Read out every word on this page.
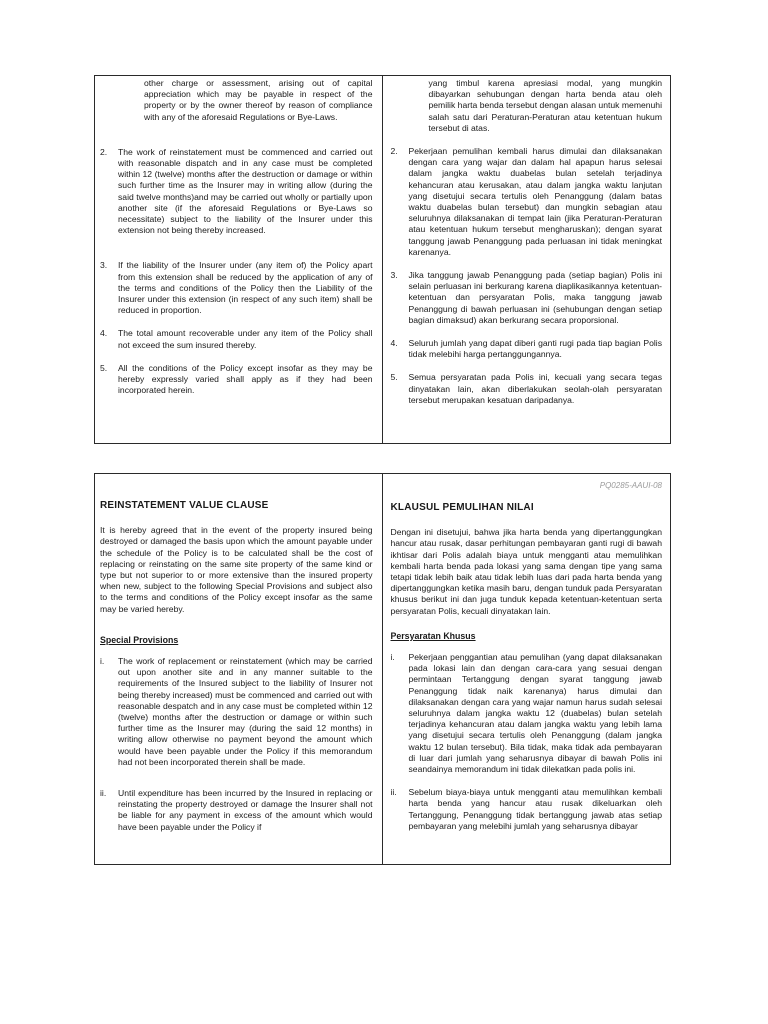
other charge or assessment, arising out of capital appreciation which may be payable in respect of the property or by the owner thereof by reason of compliance with any of the aforesaid Regulations or Bye-Laws.
2.	The work of reinstatement must be commenced and carried out with reasonable dispatch and in any case must be completed within 12 (twelve) months after the destruction or damage or within such further time as the Insurer may in writing allow (during the said twelve months)and may be carried out wholly or partially upon another site (if the aforesaid Regulations or Bye-Laws so necessitate) subject to the liability of the Insurer under this extension not being thereby increased.
3.	If the liability of the Insurer under (any item of) the Policy apart from this extension shall be reduced by the application of any of the terms and conditions of the Policy then the Liability of the Insurer under this extension (in respect of any such item) shall be reduced in proportion.
4.	The total amount recoverable under any item of the Policy shall not exceed the sum insured thereby.
5.	All the conditions of the Policy except insofar as they may be hereby expressly varied shall apply as if they had been incorporated herein.
yang timbul karena apresiasi modal, yang mungkin dibayarkan sehubungan dengan harta benda atau oleh pemilik harta benda tersebut dengan alasan untuk memenuhi salah satu dari Peraturan-Peraturan atau ketentuan hukum tersebut di atas.
2.	Pekerjaan pemulihan kembali harus dimulai dan dilaksanakan dengan cara yang wajar dan dalam hal apapun harus selesai dalam jangka waktu duabelas bulan setelah terjadinya kehancuran atau kerusakan, atau dalam jangka waktu lanjutan yang disetujui secara tertulis oleh Penanggung (dalam batas waktu duabelas bulan tersebut) dan mungkin sebagian atau seluruhnya dilaksanakan di tempat lain (jika Peraturan-Peraturan atau ketentuan hukum tersebut mengharuskan); dengan syarat tanggung jawab Penanggung pada perluasan ini tidak meningkat karenanya.
3.	Jika tanggung jawab Penanggung pada (setiap bagian) Polis ini selain perluasan ini berkurang karena diaplikasikannya ketentuan-ketentuan dan persyaratan Polis, maka tanggung jawab Penanggung di bawah perluasan ini (sehubungan dengan setiap bagian dimaksud) akan berkurang secara proporsional.
4.	Seluruh jumlah yang dapat diberi ganti rugi pada tiap bagian Polis tidak melebihi harga pertanggungannya.
5.	Semua persyaratan pada Polis ini, kecuali yang secara tegas dinyatakan lain, akan diberlakukan seolah-olah persyaratan tersebut merupakan kesatuan daripadanya.
REINSTATEMENT VALUE CLAUSE
It is hereby agreed that in the event of the property insured being destroyed or damaged the basis upon which the amount payable under the schedule of the Policy is to be calculated shall be the cost of replacing or reinstating on the same site property of the same kind or type but not superior to or more extensive than the insured property when new, subject to the following Special Provisions and subject also to the terms and conditions of the Policy except insofar as the same may be varied hereby.
Special Provisions
i.	The work of replacement or reinstatement (which may be carried out upon another site and in any manner suitable to the requirements of the Insured subject to the liability of Insurer not being thereby increased) must be commenced and carried out with reasonable despatch and in any case must be completed within 12 (twelve) months after the destruction or damage or within such further time as the Insurer may (during the said 12 months) in writing allow otherwise no payment beyond the amount which would have been payable under the Policy if this memorandum had not been incorporated therein shall be made.
ii.	Until expenditure has been incurred by the Insured in replacing or reinstating the property destroyed or damage the Insurer shall not be liable for any payment in excess of the amount which would have been payable under the Policy if
PQ0285-AAUI-08
KLAUSUL PEMULIHAN NILAI
Dengan ini disetujui, bahwa jika harta benda yang dipertanggungkan hancur atau rusak, dasar perhitungan pembayaran ganti rugi di bawah ikhtisar dari Polis adalah biaya untuk mengganti atau memulihkan kembali harta benda pada lokasi yang sama dengan tipe yang sama tetapi tidak lebih baik atau tidak lebih luas dari pada harta benda yang dipertanggungkan ketika masih baru, dengan tunduk pada Persyaratan khusus berikut ini dan juga tunduk kepada ketentuan-ketentuan serta persyaratan Polis, kecuali dinyatakan lain.
Persyaratan Khusus
i.	Pekerjaan penggantian atau pemulihan (yang dapat dilaksanakan pada lokasi lain dan dengan cara-cara yang sesuai dengan permintaan Tertanggung dengan syarat tanggung jawab Penanggung tidak naik karenanya) harus dimulai dan dilaksanakan dengan cara yang wajar namun harus sudah selesai seluruhnya dalam jangka waktu 12 (duabelas) bulan setelah terjadinya kehancuran atau dalam jangka waktu yang lebih lama yang disetujui secara tertulis oleh Penanggung (dalam jangka waktu 12 bulan tersebut). Bila tidak, maka tidak ada pembayaran di luar dari jumlah yang seharusnya dibayar di bawah Polis ini seandainya memorandum ini tidak dilekatkan pada polis ini.
ii.	Sebelum biaya-biaya untuk mengganti atau memulihkan kembali harta benda yang hancur atau rusak dikeluarkan oleh Tertanggung, Penanggung tidak bertanggung jawab atas setiap pembayaran yang melebihi jumlah yang seharusnya dibayar
